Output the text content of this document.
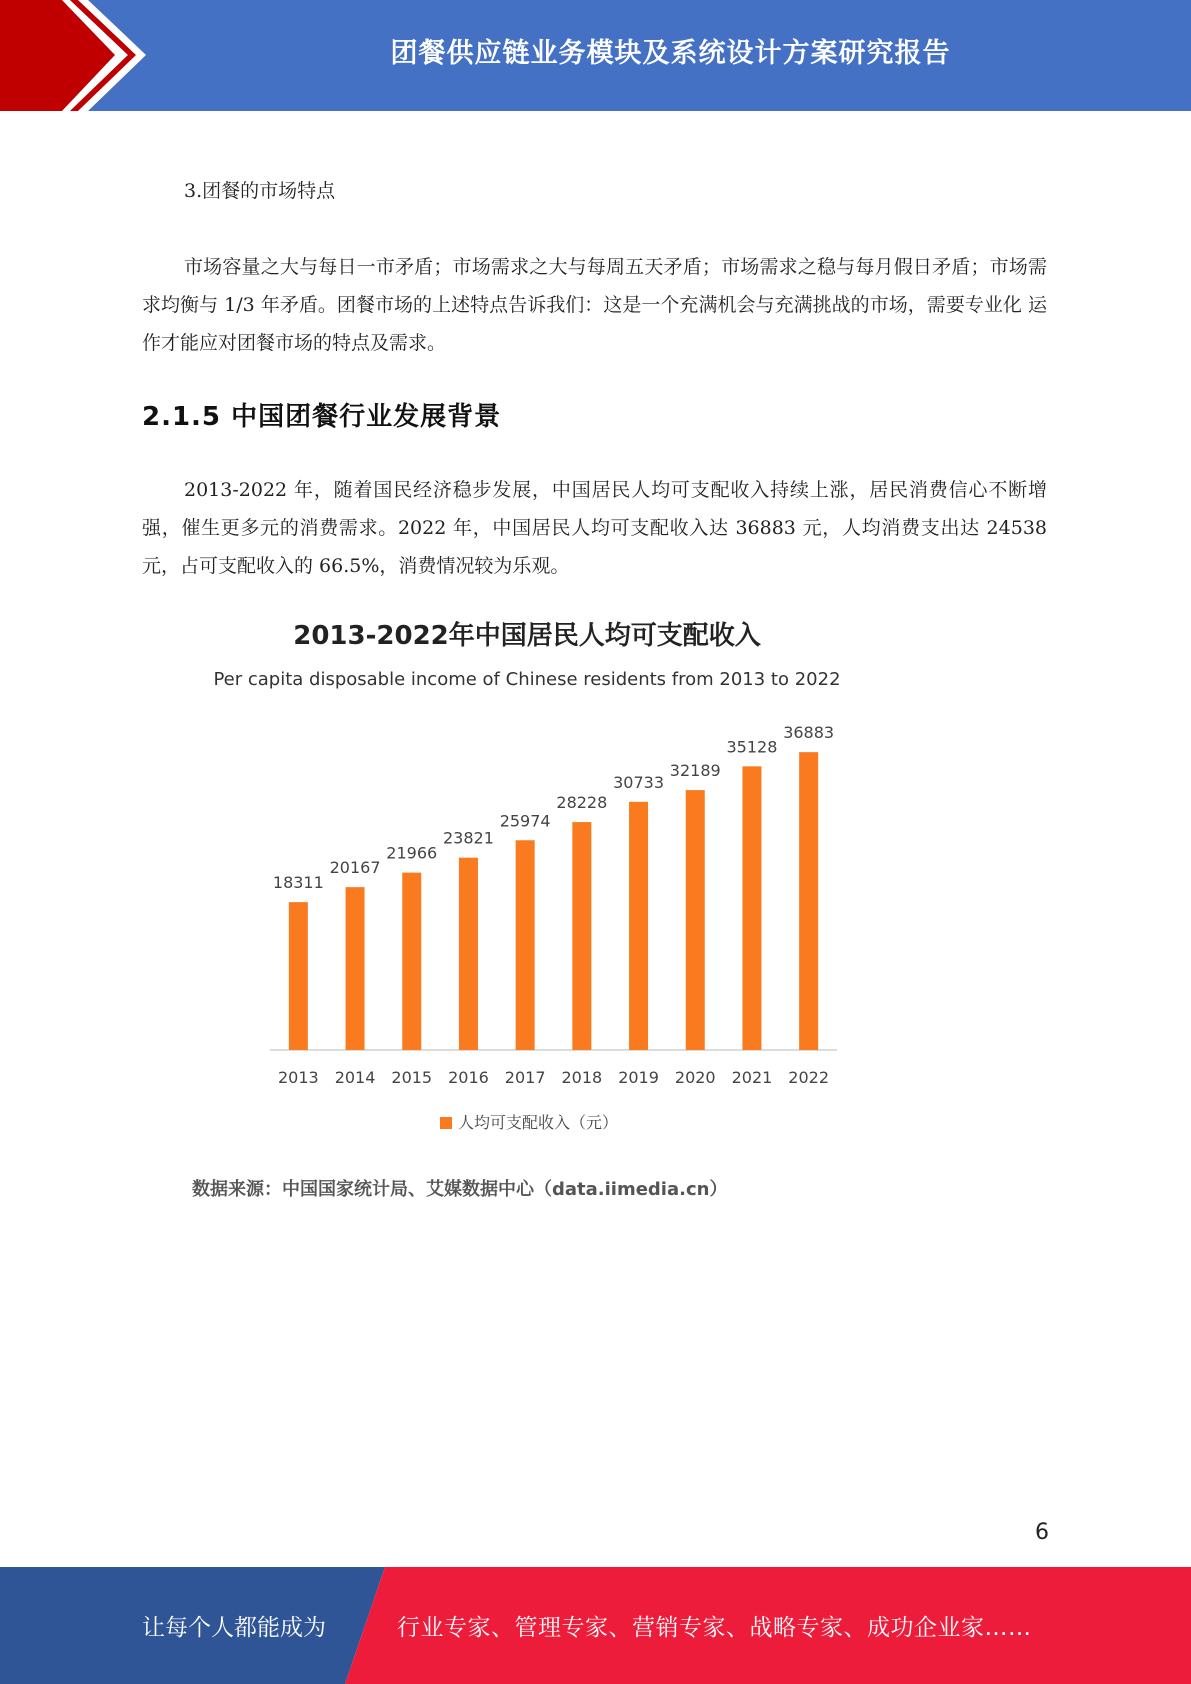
团餐供应链业务模块及系统设计方案研究报告
3.团餐的市场特点

市场容量之大与每日一市矛盾；市场需求之大与每周五天矛盾；市场需求之稳与每月假日矛盾；市场需求均衡与 1/3 年矛盾。团餐市场的上述特点告诉我们：这是一个充满机会与充满挑战的市场，需要专业化 运作才能应对团餐市场的特点及需求。

2.1.5 中国团餐行业发展背景

2013-2022 年，随着国民经济稳步发展，中国居民人均可支配收入持续上涨，居民消费信心不断增强，催生更多元的消费需求。2022 年，中国居民人均可支配收入达 36883 元，人均消费支出达 24538 元，占可支配收入的 66.5%，消费情况较为乐观。

2013-2022年中国居民人均可支配收入
Per capita disposable income of Chinese residents from 2013 to 2022
18311
2013
20167
2014
21966
2015
23821
2016
25974
2017
28228
2018
30733
2019
32189
2020
35128
2021
36883
2022
人均可支配收入（元）
数据来源：中国国家统计局、艾媒数据中心（data.iimedia.cn）
6
让每个人都能成为	行业专家、管理专家、营销专家、战略专家、成功企业家……
